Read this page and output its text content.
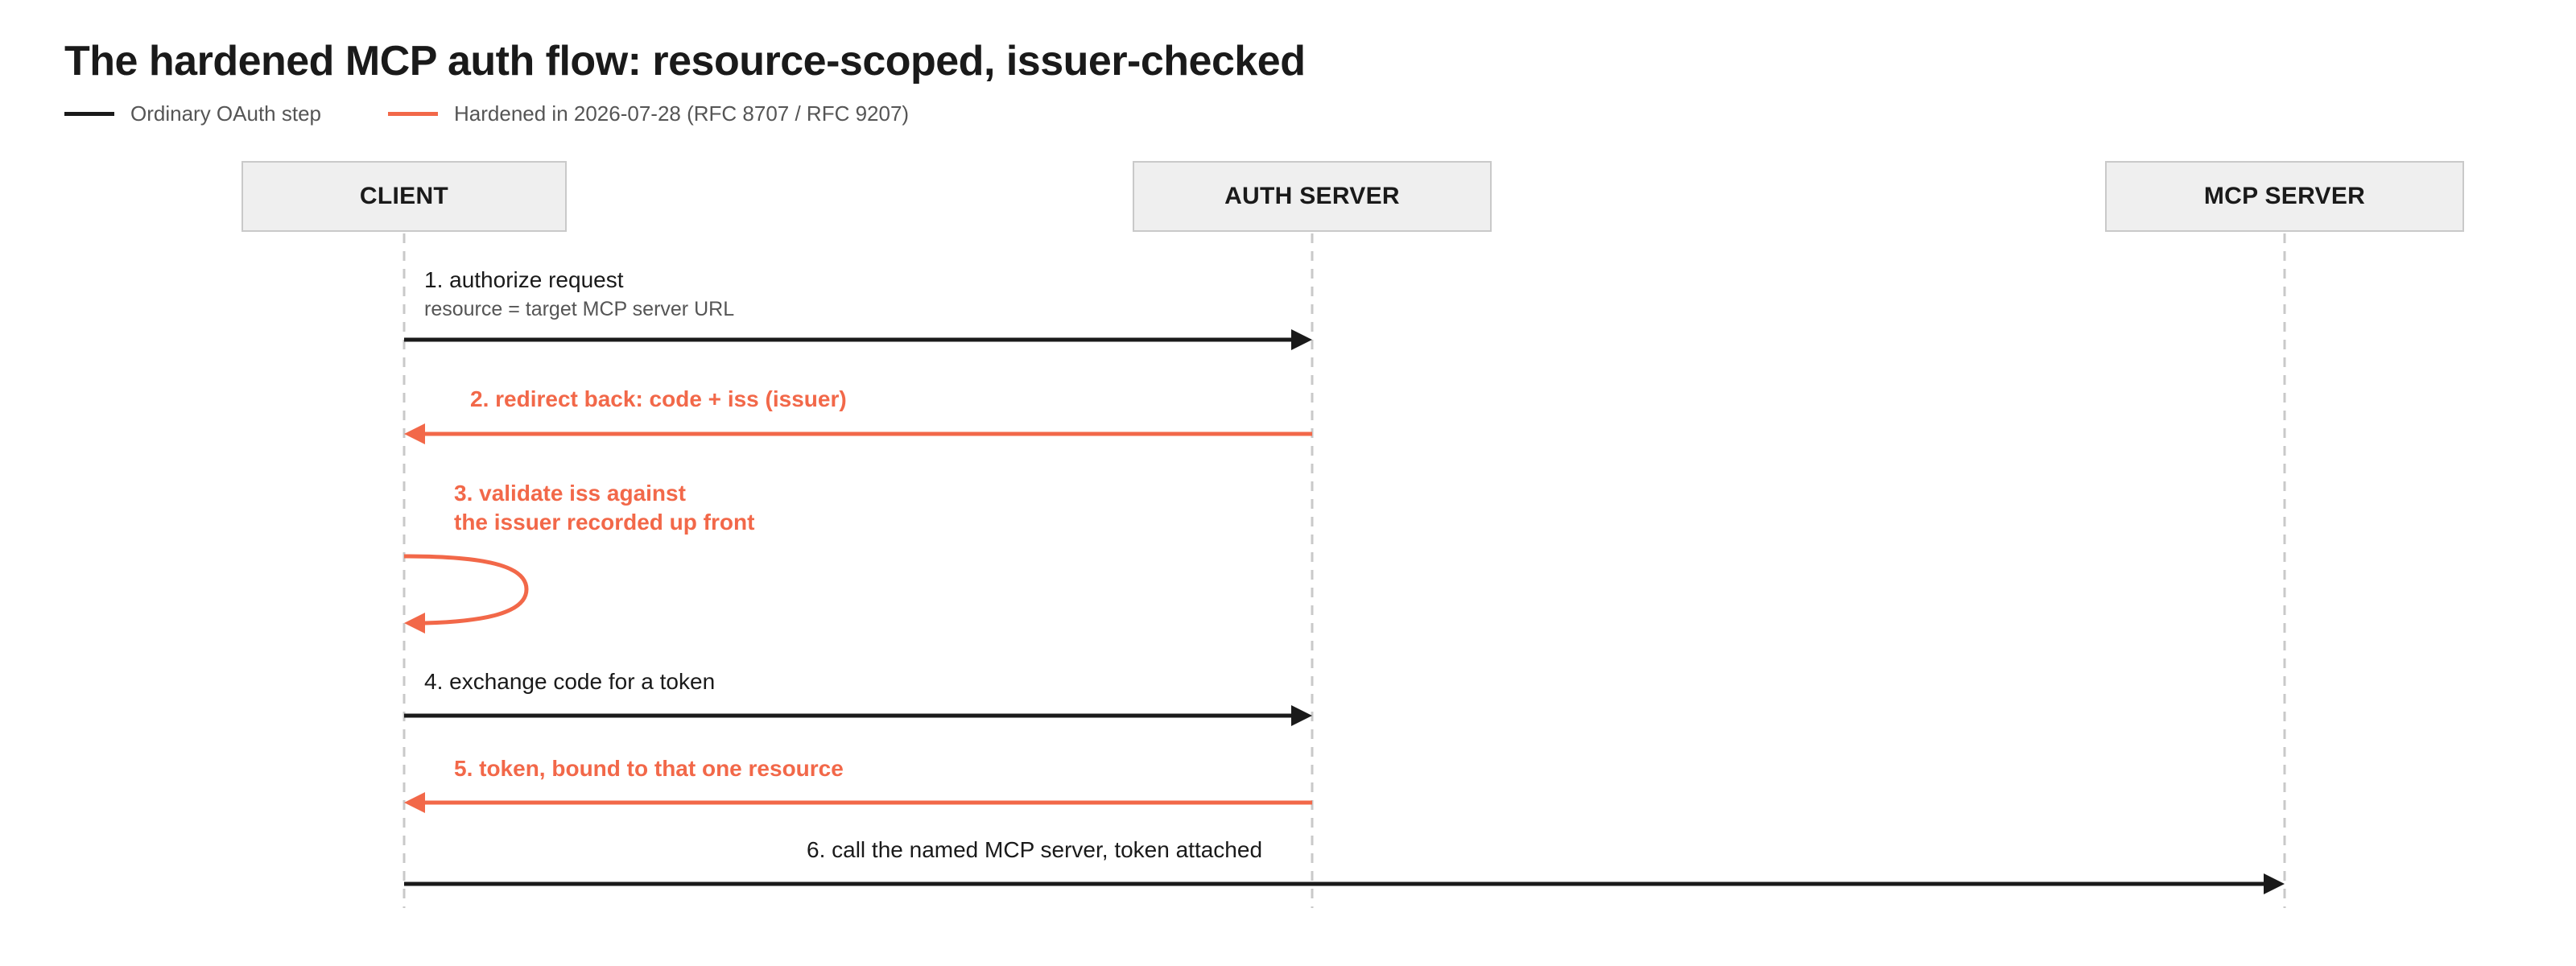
The hardened MCP auth flow: resource-scoped, issuer-checked
Ordinary OAuth step	Hardened in 2026-07-28 (RFC 8707 / RFC 9207)
CLIENT	AUTH SERVER	MCP SERVER
1. authorize request
resource = target MCP server URL
2. redirect back: code + iss (issuer)
3. validate iss against
the issuer recorded up front
4. exchange code for a token
5. token, bound to that one resource
6. call the named MCP server, token attached
